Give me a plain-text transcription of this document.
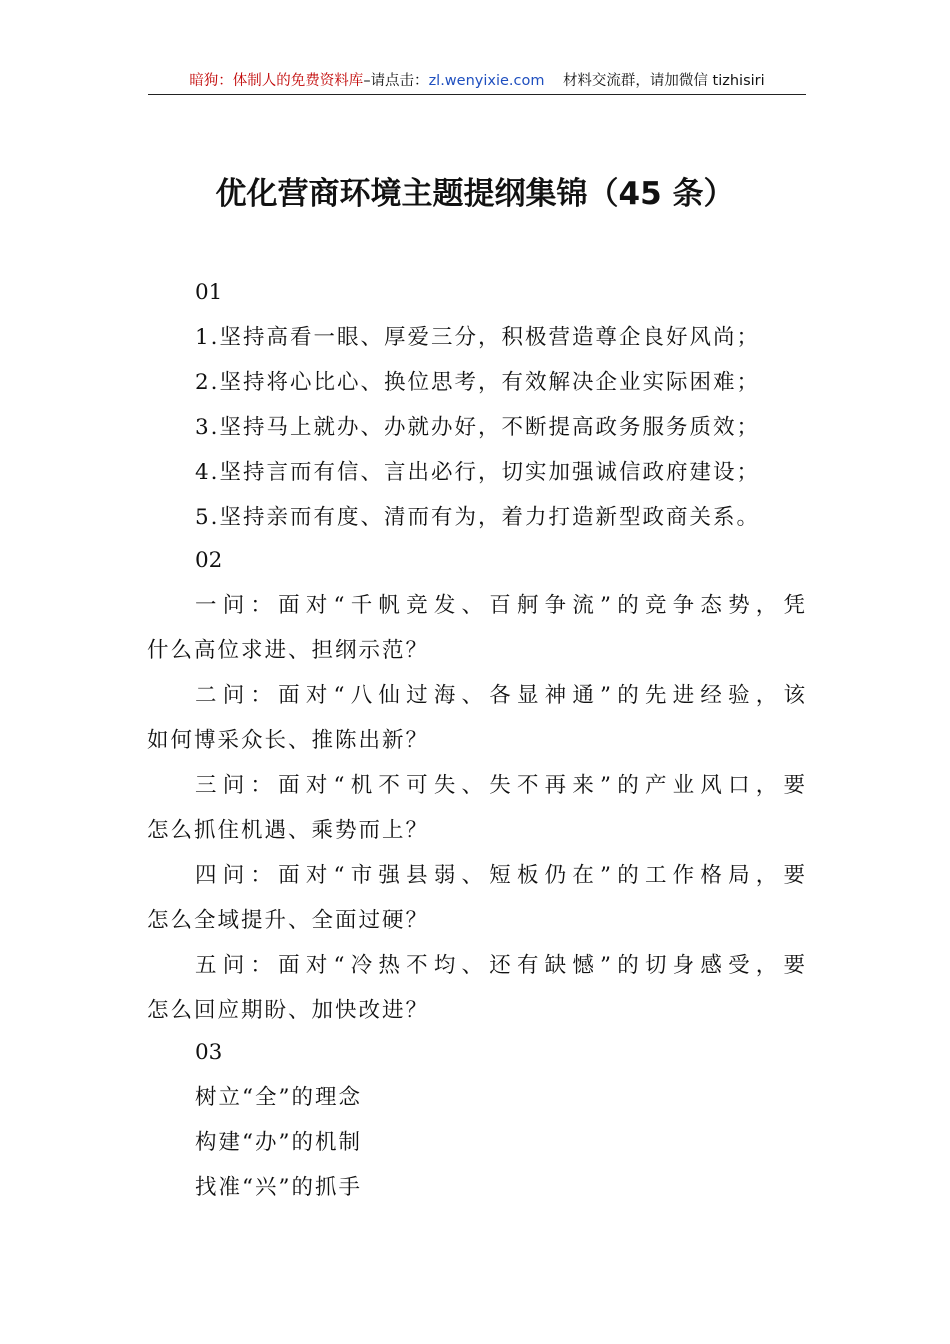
暗狗：体制人的免费资料库–请点击：zl.wenyixie.com 材料交流群，请加微信 tizhisiri
优化营商环境主题提纲集锦（45 条）
01
1.坚持高看一眼、厚爱三分，积极营造尊企良好风尚；
2.坚持将心比心、换位思考，有效解决企业实际困难；
3.坚持马上就办、办就办好，不断提高政务服务质效；
4.坚持言而有信、言出必行，切实加强诚信政府建设；
5.坚持亲而有度、清而有为，着力打造新型政商关系。
02
一问：面对“千帆竞发、百舸争流”的竞争态势，凭
什么高位求进、担纲示范？
二问：面对“八仙过海、各显神通”的先进经验，该
如何博采众长、推陈出新？
三问：面对“机不可失、失不再来”的产业风口，要
怎么抓住机遇、乘势而上？
四问：面对“市强县弱、短板仍在”的工作格局，要
怎么全域提升、全面过硬？
五问：面对“冷热不均、还有缺憾”的切身感受，要
怎么回应期盼、加快改进？
03
树立“全”的理念
构建“办”的机制
找准“兴”的抓手
